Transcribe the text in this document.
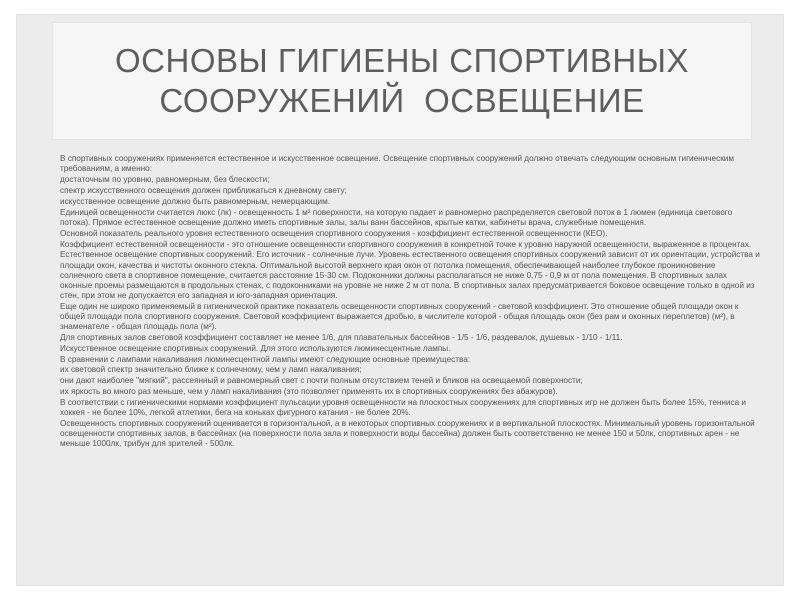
ОСНОВЫ ГИГИЕНЫ СПОРТИВНЫХ
СООРУЖЕНИЙ  ОСВЕЩЕНИЕ

В спортивных сооружениях применяется естественное и искусственное освещение. Освещение спортивных сооружений должно отвечать следующим основным гигиеническим требованиям, а именно:

достаточным по уровню, равномерным, без блескости;

спектр искусственного освещения должен приближаться к дневному свету;

искусственное освещение должно быть равномерным, немерцающим.

Единицей освещенности считается люкс (лк) - освещенность 1 м² поверхности, на которую падает и равномерно распределяется световой поток в 1 люмен (единица светового потока). Прямое естественное освещение должно иметь спортивные залы, залы ванн бассейнов, крытые катки, кабинеты врача, служебные помещения.

Основной показатель реального уровня естественного освещения спортивного сооружения - коэффициент естественной освещенности (КЕО).

Коэффициент естественной освещенности - это отношение освещенности спортивного сооружения в конкретной точке к уровню наружной освещенности, выраженное в процентах.

Естественное освещение спортивных сооружений. Его источник - солнечные лучи. Уровень естественного освещения спортивных сооружений зависит от их ориентации, устройства и площади окон, качества и чистоты оконного стекла. Оптимальной высотой верхнего края окон от потолка помещения, обеспечивающей наиболее глубокое проникновение солнечного света в спортивное помещение, считается расстояние 15-30 см. Подоконники должны располагаться не ниже 0,75 - 0,9 м от пола помещения. В спортивных залах оконные проемы размещаются в продольных стенах, с подоконниками на уровне не ниже 2 м от пола. В спортивных залах предусматривается боковое освещение только в одной из стен, при этом не допускается его западная и юго-западная ориентация.

Еще один не широко применяемый в гигиенической практике показатель освещенности спортивных сооружений - световой коэффициент. Это отношение общей площади окон к общей площади пола спортивного сооружения. Световой коэффициент выражается дробью, в числителе которой - общая площадь окон (без рам и оконных переплетов) (м²), в знаменателе - общая площадь пола (м²).

Для спортивных залов световой коэффициент составляет не менее 1/6, для плавательных бассейнов - 1/5 - 1/6, раздевалок, душевых - 1/10 - 1/11.

Искусственное освещение спортивных сооружений. Для этого используются люминесцентные лампы.

В сравнении с лампами накаливания люминесцентной лампы имеют следующие основные преимущества:

их световой спектр значительно ближе к солнечному, чем у ламп накаливания;

они дают наиболее "мягкий", рассеянный и равномерный свет с почти полным отсутствием теней и бликов на освещаемой поверхности;

их яркость во много раз меньше, чем у ламп накаливания (это позволяет применять их в спортивных сооружениях без абажуров).

В соответствии с гигиеническими нормами коэффициент пульсации уровня освещенности на плоскостных сооружениях для спортивных игр не должен быть более 15%, тенниса и хоккея - не более 10%, легкой атлетики, бега на коньках фигурного катания - не более 20%.

Освещенность спортивных сооружений оценивается в горизонтальной, а в некоторых спортивных сооружениях и в вертикальной плоскостях. Минимальный уровень горизонтальной освещенности спортивных залов, в бассейнах (на поверхности пола зала и поверхности воды бассейна) должен быть соответственно не менее 150 и 50лк, спортивных арен - не меньше 1000лк, трибун для зрителей - 500лк.
